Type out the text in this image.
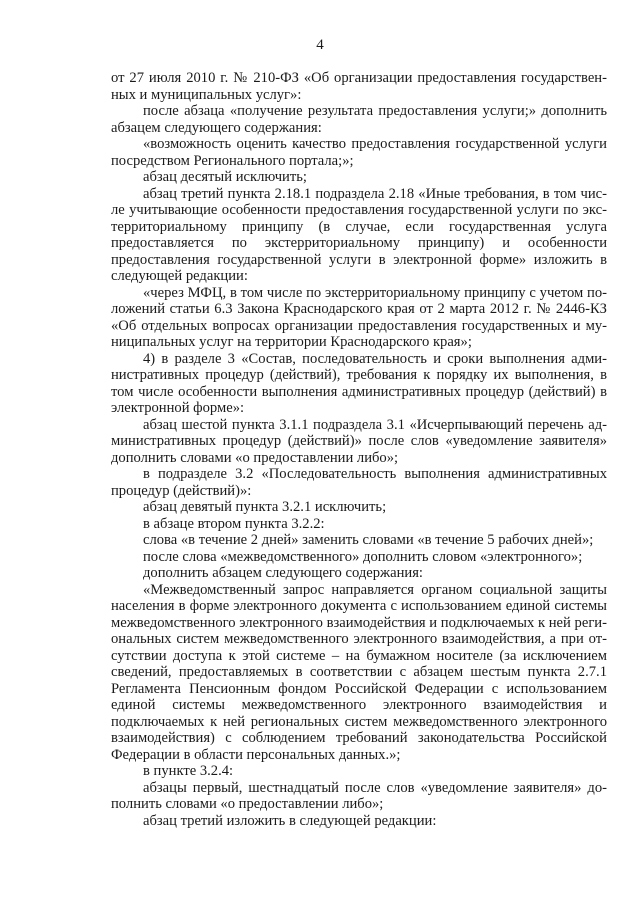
4

от 27 июля 2010 г. № 210-ФЗ «Об организации предоставления государственных и муниципальных услуг»:

после абзаца «получение результата предоставления услуги;» дополнить абзацем следующего содержания:

«возможность оценить качество предоставления государственной услуги посредством Регионального портала;»;

абзац десятый исключить;

абзац третий пункта 2.18.1 подраздела 2.18 «Иные требования, в том числе учитывающие особенности предоставления государственной услуги по экстерриториальному принципу (в случае, если государственная услуга предоставляется по экстерриториальному принципу) и особенности предоставления государственной услуги в электронной форме» изложить в следующей редакции:

«через МФЦ, в том числе по экстерриториальному принципу с учетом положений статьи 6.3 Закона Краснодарского края от 2 марта 2012 г. № 2446-КЗ «Об отдельных вопросах организации предоставления государственных и муниципальных услуг на территории Краснодарского края»;

4) в разделе 3 «Состав, последовательность и сроки выполнения административных процедур (действий), требования к порядку их выполнения, в том числе особенности выполнения административных процедур (действий) в электронной форме»:

абзац шестой пункта 3.1.1 подраздела 3.1 «Исчерпывающий перечень административных процедур (действий)» после слов «уведомление заявителя» дополнить словами «о предоставлении либо»;

в подразделе 3.2 «Последовательность выполнения административных процедур (действий)»:

абзац девятый пункта 3.2.1 исключить;

в абзаце втором пункта 3.2.2:

слова «в течение 2 дней» заменить словами «в течение 5 рабочих дней»;

после слова «межведомственного» дополнить словом «электронного»;

дополнить абзацем следующего содержания:

«Межведомственный запрос направляется органом социальной защиты населения в форме электронного документа с использованием единой системы межведомственного электронного взаимодействия и подключаемых к ней региональных систем межведомственного электронного взаимодействия, а при отсутствии доступа к этой системе – на бумажном носителе (за исключением сведений, предоставляемых в соответствии с абзацем шестым пункта 2.7.1 Регламента Пенсионным фондом Российской Федерации с использованием единой системы межведомственного электронного взаимодействия и подключаемых к ней региональных систем межведомственного электронного взаимодействия) с соблюдением требований законодательства Российской Федерации в области персональных данных.»;

в пункте 3.2.4:

абзацы первый, шестнадцатый после слов «уведомление заявителя» дополнить словами «о предоставлении либо»;

абзац третий изложить в следующей редакции:
